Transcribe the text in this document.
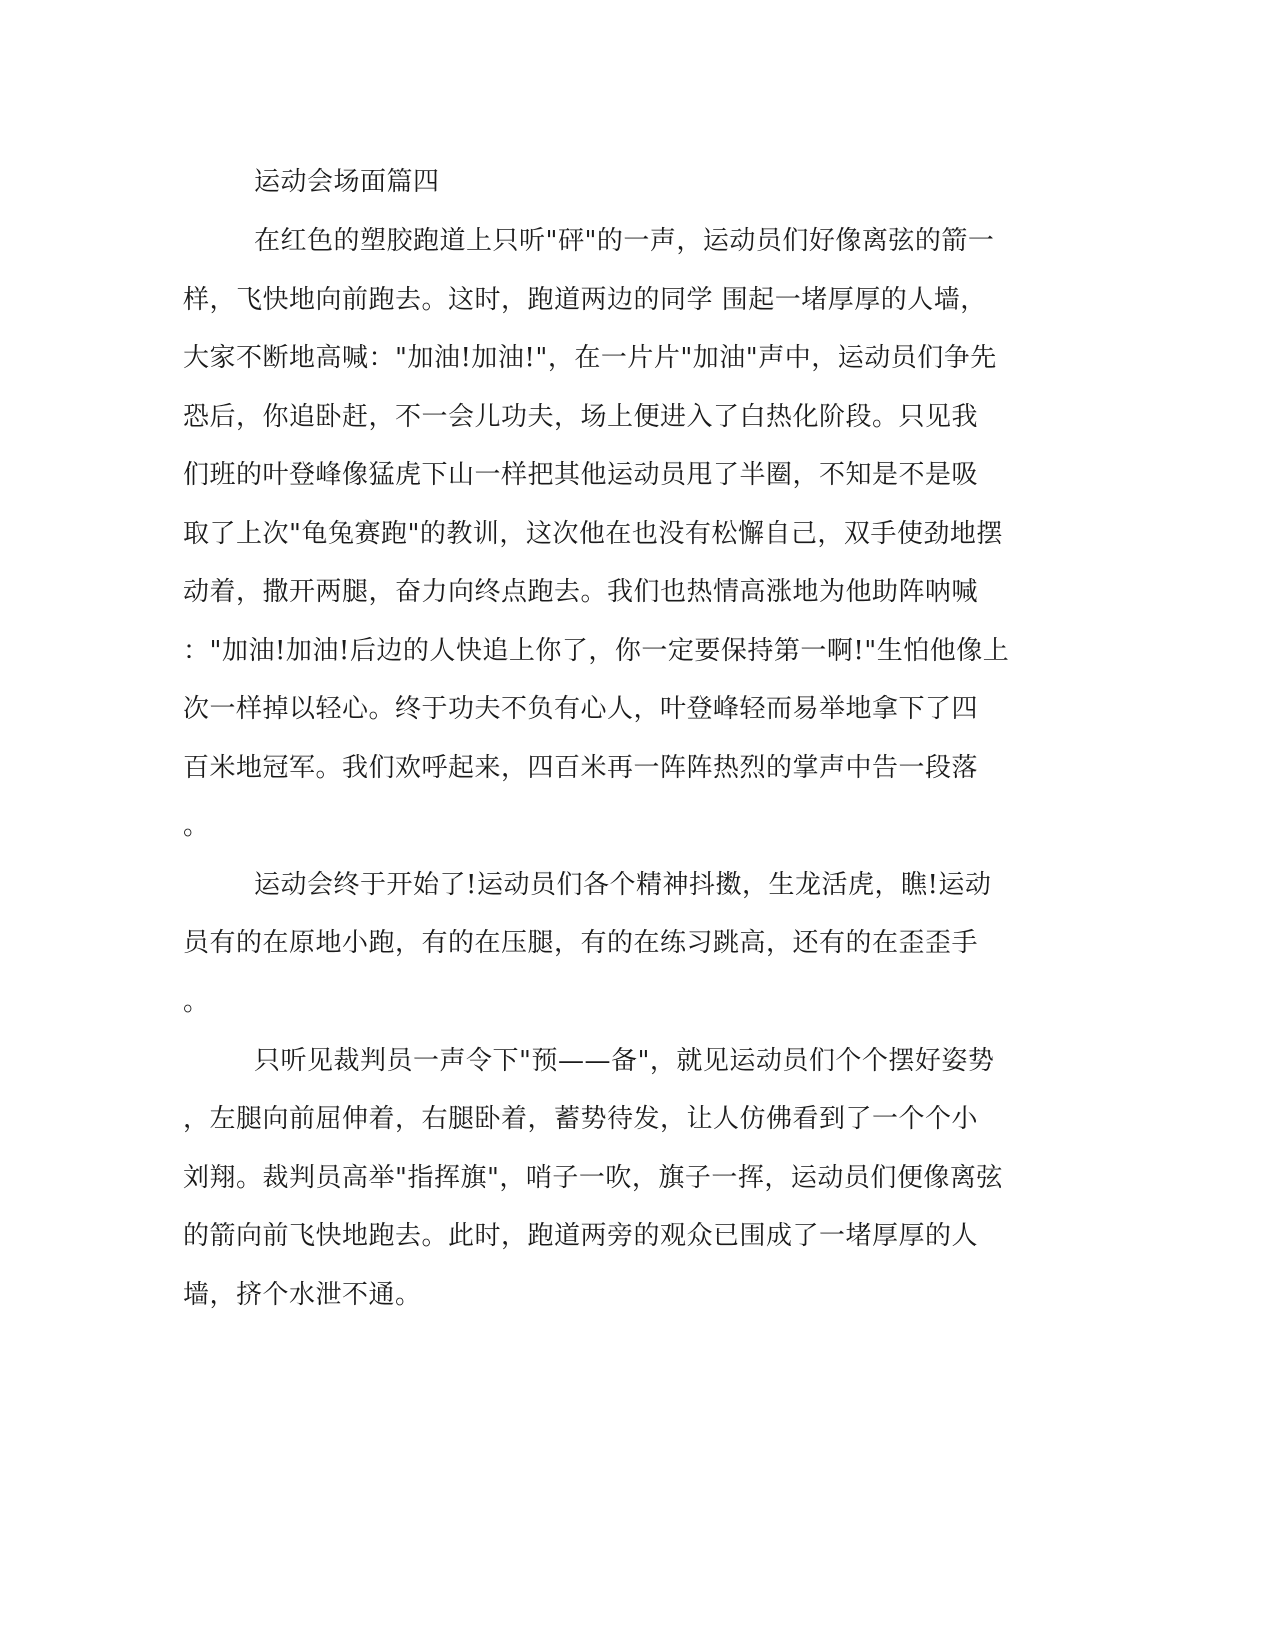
运动会场面篇四
在红色的塑胶跑道上只听"砰"的一声，运动员们好像离弦的箭一
样，飞快地向前跑去。这时，跑道两边的同学 围起一堵厚厚的人墙，
大家不断地高喊："加油!加油!"，在一片片"加油"声中，运动员们争先
恐后，你追卧赶，不一会儿功夫，场上便进入了白热化阶段。只见我
们班的叶登峰像猛虎下山一样把其他运动员甩了半圈，不知是不是吸
取了上次"龟兔赛跑"的教训，这次他在也没有松懈自己，双手使劲地摆
动着，撒开两腿，奋力向终点跑去。我们也热情高涨地为他助阵呐喊
："加油!加油!后边的人快追上你了，你一定要保持第一啊!"生怕他像上
次一样掉以轻心。终于功夫不负有心人，叶登峰轻而易举地拿下了四
百米地冠军。我们欢呼起来，四百米再一阵阵热烈的掌声中告一段落
。
运动会终于开始了!运动员们各个精神抖擞，生龙活虎，瞧!运动
员有的在原地小跑，有的在压腿，有的在练习跳高，还有的在歪歪手
。
只听见裁判员一声令下"预——备"，就见运动员们个个摆好姿势
，左腿向前屈伸着，右腿卧着，蓄势待发，让人仿佛看到了一个个小
刘翔。裁判员高举"指挥旗"，哨子一吹，旗子一挥，运动员们便像离弦
的箭向前飞快地跑去。此时，跑道两旁的观众已围成了一堵厚厚的人
墙，挤个水泄不通。
